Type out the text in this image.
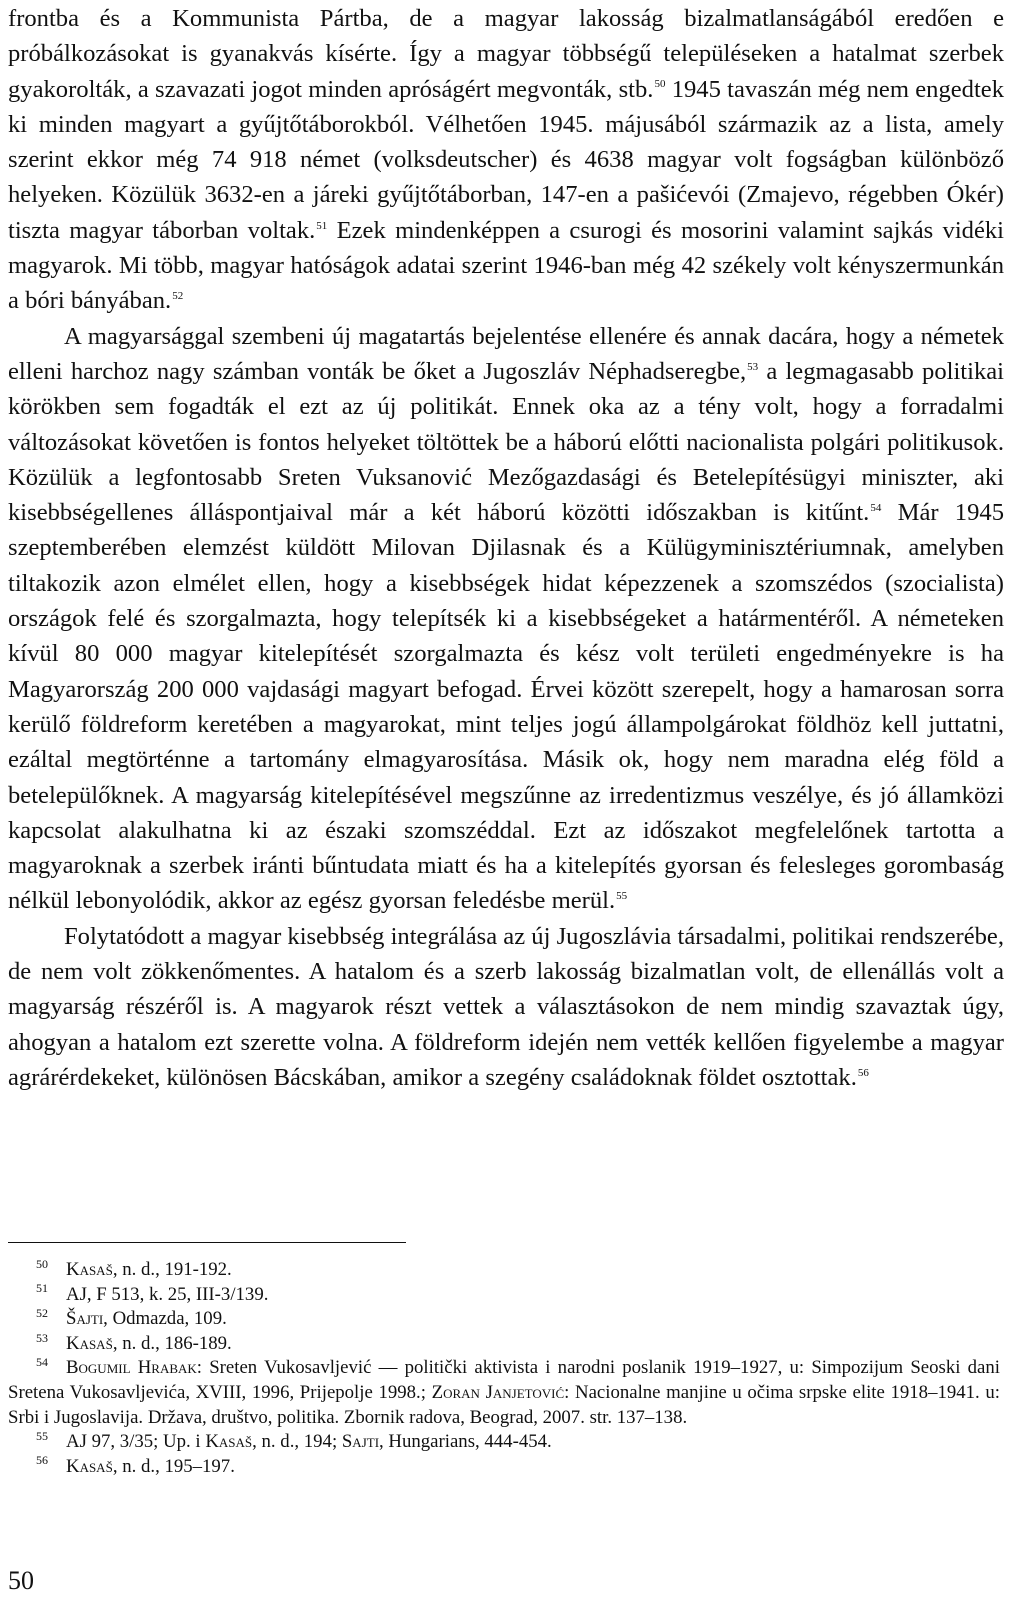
frontba és a Kommunista Pártba, de a magyar lakosság bizalmatlanságából eredően e próbálkozásokat is gyanakvás kísérte. Így a magyar többségű településeken a hatalmat szerbek gyakorolták, a szavazati jogot minden apróságért megvonták, stb.$^{50}$ 1945 tavaszán még nem engedtek ki minden magyart a gyűjtőtáborokból. Vélhetően 1945. májusából származik az a lista, amely szerint ekkor még 74 918 német (volksdeutscher) és 4638 magyar volt fogságban különböző helyeken. Közülük 3632-en a járeki gyűjtőtáborban, 147-en a pašićevói (Zmajevo, régebben Ókér) tiszta magyar táborban voltak.$^{51}$ Ezek mindenképpen a csurogi és mosorini valamint sajkás vidéki magyarok. Mi több, magyar hatóságok adatai szerint 1946-ban még 42 székely volt kényszermunkán a bóri bányában.$^{52}$

A magyarsággal szembeni új magatartás bejelentése ellenére és annak dacára, hogy a németek elleni harchoz nagy számban vonták be őket a Jugoszláv Néphadseregbe,$^{53}$ a legmagasabb politikai körökben sem fogadták el ezt az új politikát. Ennek oka az a tény volt, hogy a forradalmi változásokat követően is fontos helyeket töltöttek be a háború előtti nacionalista polgári politikusok. Közülük a legfontosabb Sreten Vuksanović Mezőgazdasági és Betelepítésügyi miniszter, aki kisebbségellenes álláspontjaival már a két háború közötti időszakban is kitűnt.$^{54}$ Már 1945 szeptemberében elemzést küldött Milovan Djilasnak és a Külügyminisztériumnak, amelyben tiltakozik azon elmélet ellen, hogy a kisebbségek hidat képezzenek a szomszédos (szocialista) országok felé és szorgalmazta, hogy telepítsék ki a kisebbségeket a határmentéről. A németeken kívül 80 000 magyar kitelepítését szorgalmazta és kész volt területi engedményekre is ha Magyarország 200 000 vajdasági magyart befogad. Érvei között szerepelt, hogy a hamarosan sorra kerülő földreform keretében a magyarokat, mint teljes jogú állampolgárokat földhöz kell juttatni, ezáltal megtörténne a tartomány elmagyarosítása. Másik ok, hogy nem maradna elég föld a betelepülőknek. A magyarság kitelepítésével megszűnne az irredentizmus veszélye, és jó államközi kapcsolat alakulhatna ki az északi szomszéddal. Ezt az időszakot megfelelőnek tartotta a magyaroknak a szerbek iránti bűntudata miatt és ha a kitelepítés gyorsan és felesleges gorombaság nélkül lebonyolódik, akkor az egész gyorsan feledésbe merül.$^{55}$

Folytatódott a magyar kisebbség integrálása az új Jugoszlávia társadalmi, politikai rendszerébe, de nem volt zökkenőmentes. A hatalom és a szerb lakosság bizalmatlan volt, de ellenállás volt a magyarság részéről is. A magyarok részt vettek a választásokon de nem mindig szavaztak úgy, ahogyan a hatalom ezt szerette volna. A földreform idején nem vették kellően figyelembe a magyar agrárérdekeket, különösen Bácskában, amikor a szegény családoknak földet osztottak.$^{56}$

50 Kasaš, n. d., 191-192.

51 AJ, F 513, k. 25, III-3/139.

52 Šajti, Odmazda, 109.

53 Kasaš, n. d., 186-189.

54 Bogumil Hrabak: Sreten Vukosavljević — politički aktivista i narodni poslanik 1919–1927, u: Simpozijum Seoski dani Sretena Vukosavljevića, XVIII, 1996, Prijepolje 1998.; Zoran Janjetović: Nacionalne manjine u očima srpske elite 1918–1941. u: Srbi i Jugoslavija. Država, društvo, politika. Zbornik radova, Beograd, 2007. str. 137–138.

55 AJ 97, 3/35; Up. i Kasaš, n. d., 194; Sajti, Hungarians, 444-454.

56 Kasaš, n. d., 195–197.

50
